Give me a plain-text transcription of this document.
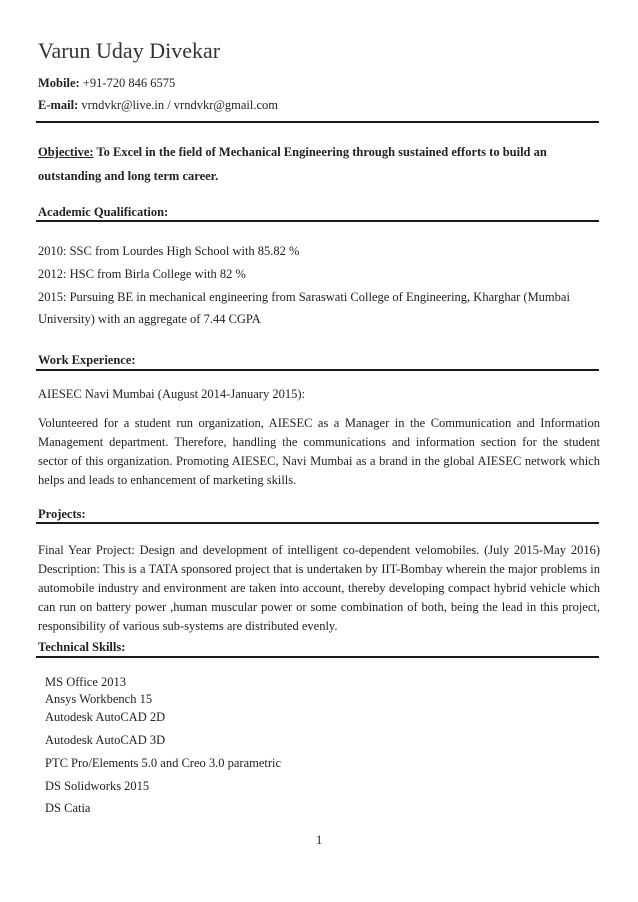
Varun Uday Divekar
Mobile: +91-720 846 6575
E-mail: vrndvkr@live.in / vrndvkr@gmail.com
Objective: To Excel in the field of Mechanical Engineering through sustained efforts to build an outstanding and long term career.
Academic Qualification:
2010: SSC from Lourdes High School with 85.82 %
2012: HSC from Birla College with 82 %
2015: Pursuing BE in mechanical engineering from Saraswati College of Engineering, Kharghar (Mumbai
University) with an aggregate of 7.44 CGPA
Work Experience:
AIESEC Navi Mumbai (August 2014-January 2015):
Volunteered for a student run organization, AIESEC as a Manager in the Communication and Information Management department. Therefore, handling the communications and information section for the student sector of this organization. Promoting AIESEC, Navi Mumbai as a brand in the global AIESEC network which helps and leads to enhancement of marketing skills.
Projects:
Final Year Project: Design and development of intelligent co-dependent velomobiles. (July 2015-May 2016) Description: This is a TATA sponsored project that is undertaken by IIT-Bombay wherein the major problems in automobile industry and environment are taken into account, thereby developing compact hybrid vehicle which can run on battery power ,human muscular power or some combination of both, being the lead in this project, responsibility of various sub-systems are distributed evenly.
Technical Skills:
MS Office 2013
Ansys Workbench 15
Autodesk AutoCAD 2D
Autodesk AutoCAD 3D
PTC Pro/Elements 5.0 and Creo 3.0 parametric
DS Solidworks 2015
DS Catia
1
